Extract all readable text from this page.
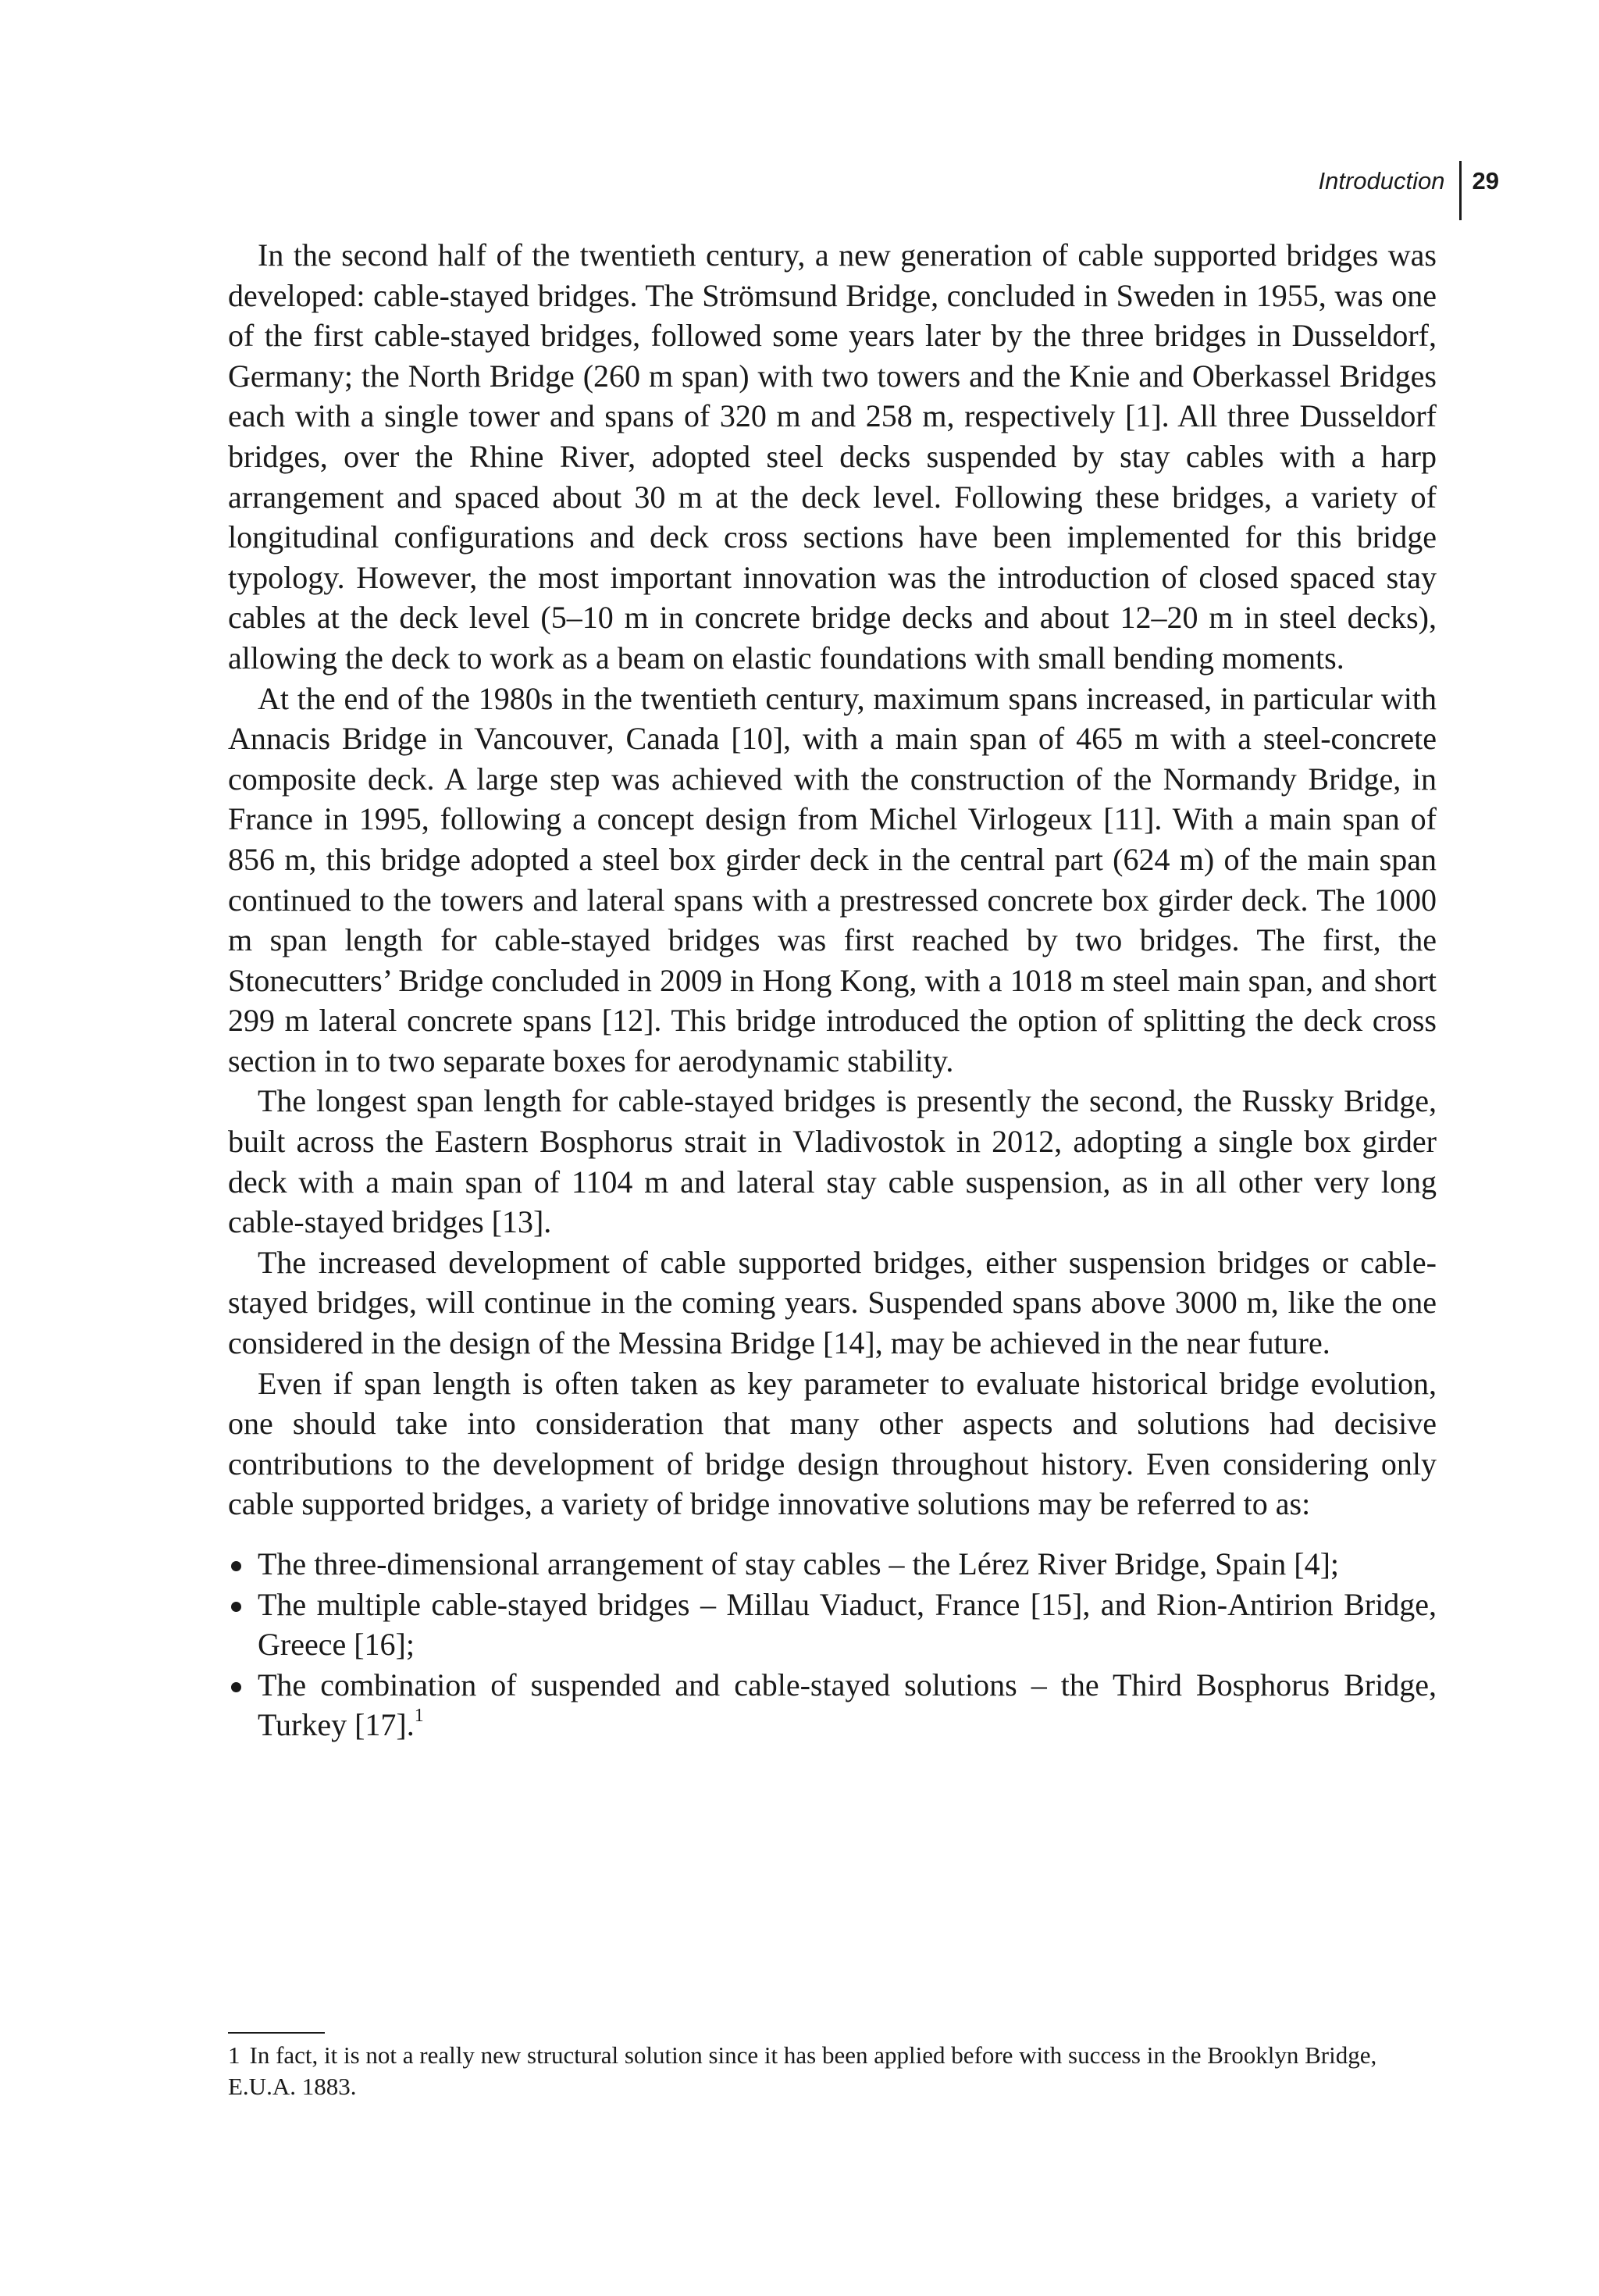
Introduction	29

In the second half of the twentieth century, a new generation of cable supported bridges was developed: cable-stayed bridges. The Strömsund Bridge, concluded in Sweden in 1955, was one of the first cable-stayed bridges, followed some years later by the three bridges in Dusseldorf, Germany; the North Bridge (260 m span) with two towers and the Knie and Oberkassel Bridges each with a single tower and spans of 320 m and 258 m, respectively [1]. All three Dusseldorf bridges, over the Rhine River, adopted steel decks suspended by stay cables with a harp arrangement and spaced about 30 m at the deck level. Following these bridges, a variety of longitudinal configurations and deck cross sections have been implemented for this bridge typology. However, the most important innovation was the introduction of closed spaced stay cables at the deck level (5–10 m in concrete bridge decks and about 12–20 m in steel decks), allowing the deck to work as a beam on elastic foundations with small bending moments.

At the end of the 1980s in the twentieth century, maximum spans increased, in particular with Annacis Bridge in Vancouver, Canada [10], with a main span of 465 m with a steel-concrete composite deck. A large step was achieved with the construction of the Normandy Bridge, in France in 1995, following a concept design from Michel Virlogeux [11]. With a main span of 856 m, this bridge adopted a steel box girder deck in the central part (624 m) of the main span continued to the towers and lateral spans with a prestressed concrete box girder deck. The 1000 m span length for cable-stayed bridges was first reached by two bridges. The first, the Stonecutters’ Bridge concluded in 2009 in Hong Kong, with a 1018 m steel main span, and short 299 m lateral concrete spans [12]. This bridge introduced the option of splitting the deck cross section in to two separate boxes for aerodynamic stability.

The longest span length for cable-stayed bridges is presently the second, the Russky Bridge, built across the Eastern Bosphorus strait in Vladivostok in 2012, adopting a single box girder deck with a main span of 1104 m and lateral stay cable suspension, as in all other very long cable-stayed bridges [13].

The increased development of cable supported bridges, either suspension bridges or cable-stayed bridges, will continue in the coming years. Suspended spans above 3000 m, like the one considered in the design of the Messina Bridge [14], may be achieved in the near future.

Even if span length is often taken as key parameter to evaluate historical bridge evolution, one should take into consideration that many other aspects and solutions had decisive contributions to the development of bridge design throughout history. Even considering only cable supported bridges, a variety of bridge innovative solutions may be referred to as:

The three-dimensional arrangement of stay cables – the Lérez River Bridge, Spain [4];
The multiple cable-stayed bridges – Millau Viaduct, France [15], and Rion-Antirion Bridge, Greece [16];
The combination of suspended and cable-stayed solutions – the Third Bosphorus Bridge, Turkey [17].$^1$
1 In fact, it is not a really new structural solution since it has been applied before with success in the Brooklyn Bridge, E.U.A. 1883.
